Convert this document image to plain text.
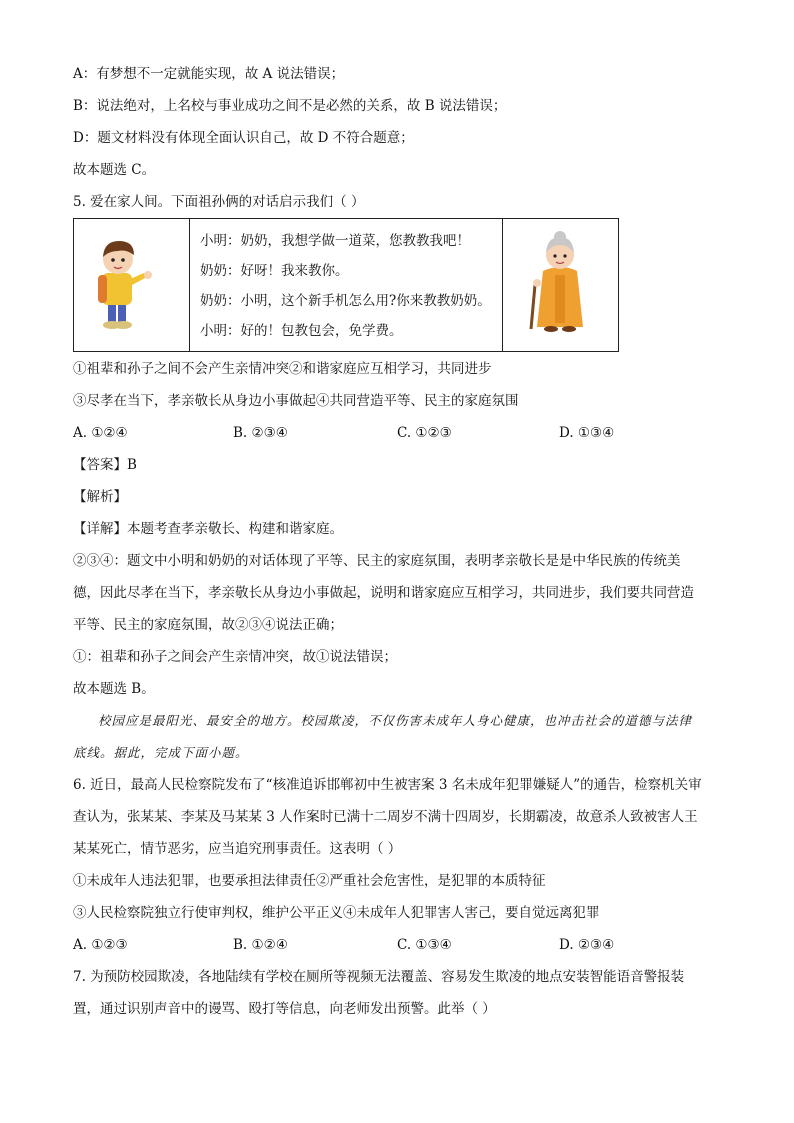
A：有梦想不一定就能实现，故 A 说法错误；
B：说法绝对，上名校与事业成功之间不是必然的关系，故 B 说法错误；
D：题文材料没有体现全面认识自己，故 D 不符合题意；
故本题选 C。
5. 爱在家人间。下面祖孙俩的对话启示我们（ ）
小明：奶奶，我想学做一道菜，您教教我吧！
奶奶：好呀！我来教你。
奶奶：小明，这个新手机怎么用?你来教教奶奶。
小明：好的！包教包会，免学费。
①祖辈和孙子之间不会产生亲情冲突②和谐家庭应互相学习，共同进步
③尽孝在当下，孝亲敬长从身边小事做起④共同营造平等、民主的家庭氛围
A. ①②④	B. ②③④	C. ①②③	D. ①③④
【答案】B
【解析】
【详解】本题考查孝亲敬长、构建和谐家庭。
②③④：题文中小明和奶奶的对话体现了平等、民主的家庭氛围，表明孝亲敬长是是中华民族的传统美
德，因此尽孝在当下，孝亲敬长从身边小事做起，说明和谐家庭应互相学习，共同进步，我们要共同营造
平等、民主的家庭氛围，故②③④说法正确；
①：祖辈和孙子之间会产生亲情冲突，故①说法错误；
故本题选 B。
校园应是最阳光、最安全的地方。校园欺凌，不仅伤害未成年人身心健康，也冲击社会的道德与法律
底线。据此，完成下面小题。
6. 近日，最高人民检察院发布了“核准追诉邯郸初中生被害案 3 名未成年犯罪嫌疑人”的通告，检察机关审
查认为，张某某、李某及马某某 3 人作案时已满十二周岁不满十四周岁，长期霸凌，故意杀人致被害人王
某某死亡，情节恶劣，应当追究刑事责任。这表明（ ）
①未成年人违法犯罪，也要承担法律责任②严重社会危害性，是犯罪的本质特征
③人民检察院独立行使审判权，维护公平正义④未成年人犯罪害人害己，要自觉远离犯罪
A. ①②③	B. ①②④	C. ①③④	D. ②③④
7. 为预防校园欺凌，各地陆续有学校在厕所等视频无法覆盖、容易发生欺凌的地点安装智能语音警报装
置，通过识别声音中的谩骂、殴打等信息，向老师发出预警。此举（ ）
